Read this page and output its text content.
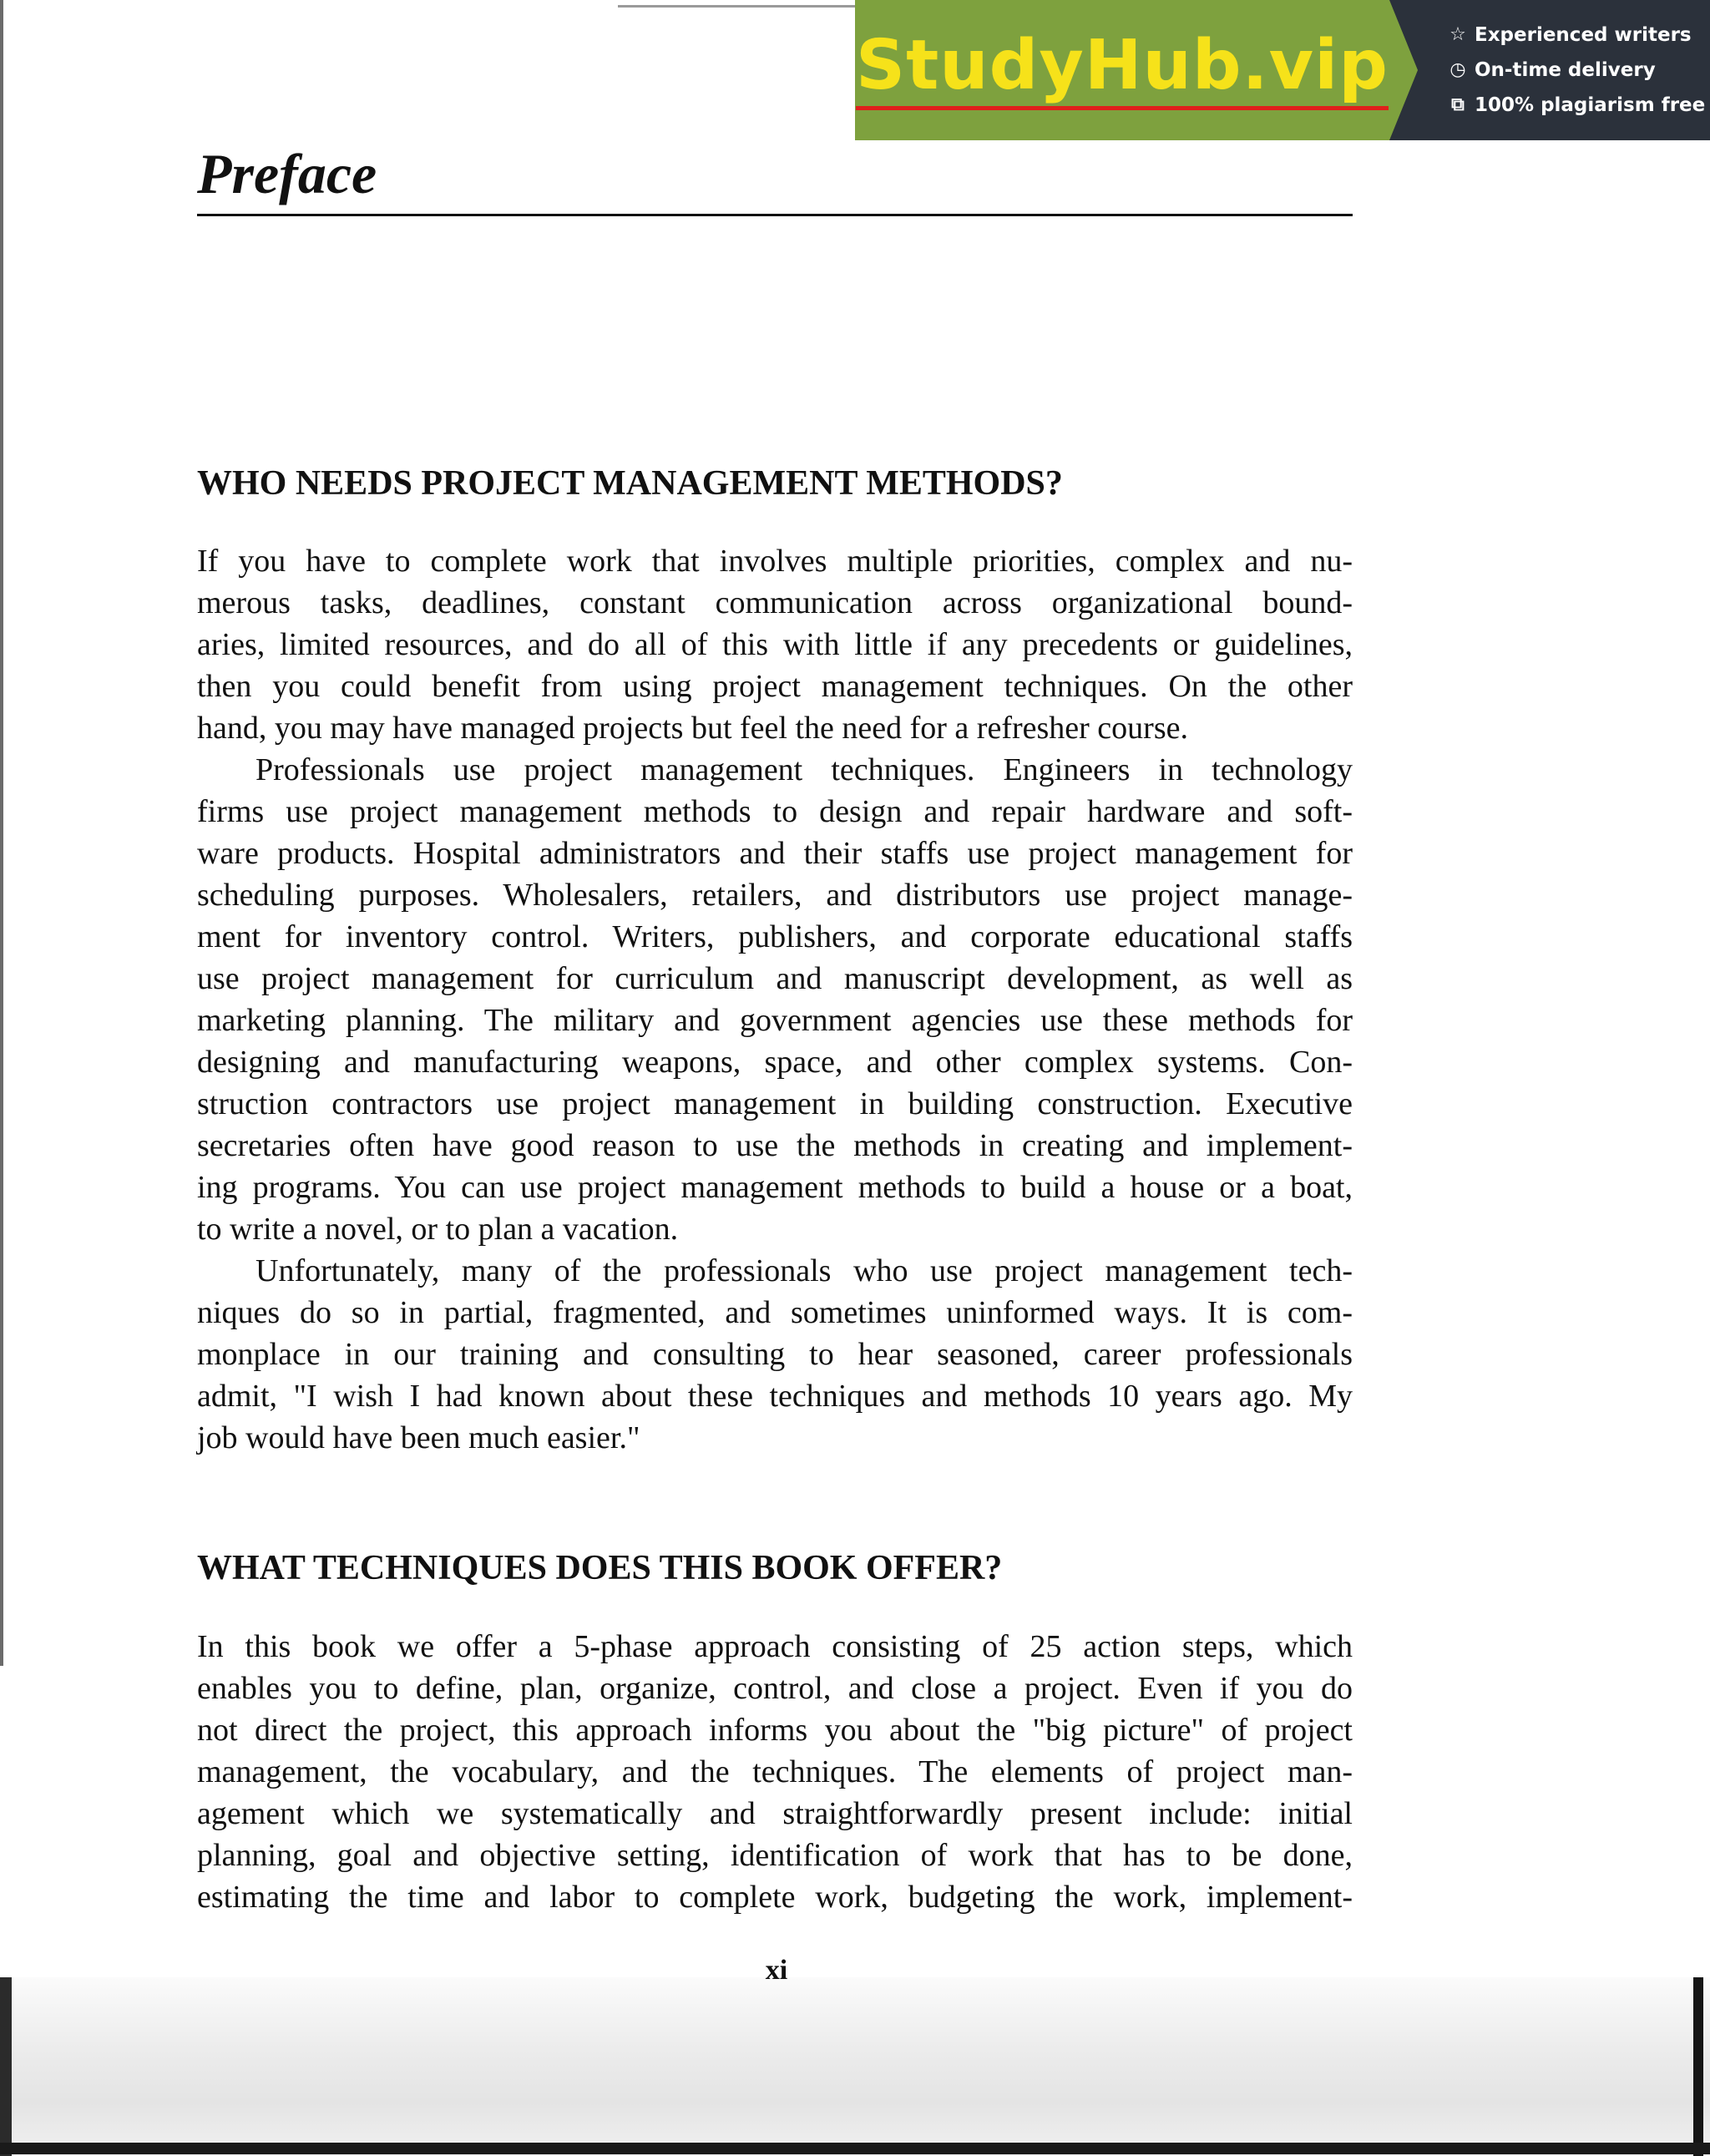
StudyHub.vip	☆ Experienced writers
◷ On-time delivery
⧉ 100% plagiarism free
Preface
WHO NEEDS PROJECT MANAGEMENT METHODS?

If you have to complete work that involves multiple priorities, complex and nu-

merous tasks, deadlines, constant communication across organizational bound-

aries, limited resources, and do all of this with little if any precedents or guidelines,

then you could benefit from using project management techniques. On the other

hand, you may have managed projects but feel the need for a refresher course.

Professionals use project management techniques. Engineers in technology

firms use project management methods to design and repair hardware and soft-

ware products. Hospital administrators and their staffs use project management for

scheduling purposes. Wholesalers, retailers, and distributors use project manage-

ment for inventory control. Writers, publishers, and corporate educational staffs

use project management for curriculum and manuscript development, as well as

marketing planning. The military and government agencies use these methods for

designing and manufacturing weapons, space, and other complex systems. Con-

struction contractors use project management in building construction. Executive

secretaries often have good reason to use the methods in creating and implement-

ing programs. You can use project management methods to build a house or a boat,

to write a novel, or to plan a vacation.

Unfortunately, many of the professionals who use project management tech-

niques do so in partial, fragmented, and sometimes uninformed ways. It is com-

monplace in our training and consulting to hear seasoned, career professionals

admit, "I wish I had known about these techniques and methods 10 years ago. My

job would have been much easier."

WHAT TECHNIQUES DOES THIS BOOK OFFER?

In this book we offer a 5-phase approach consisting of 25 action steps, which

enables you to define, plan, organize, control, and close a project. Even if you do

not direct the project, this approach informs you about the "big picture" of project

management, the vocabulary, and the techniques. The elements of project man-

agement which we systematically and straightforwardly present include: initial

planning, goal and objective setting, identification of work that has to be done,

estimating the time and labor to complete work, budgeting the work, implement-

xi
